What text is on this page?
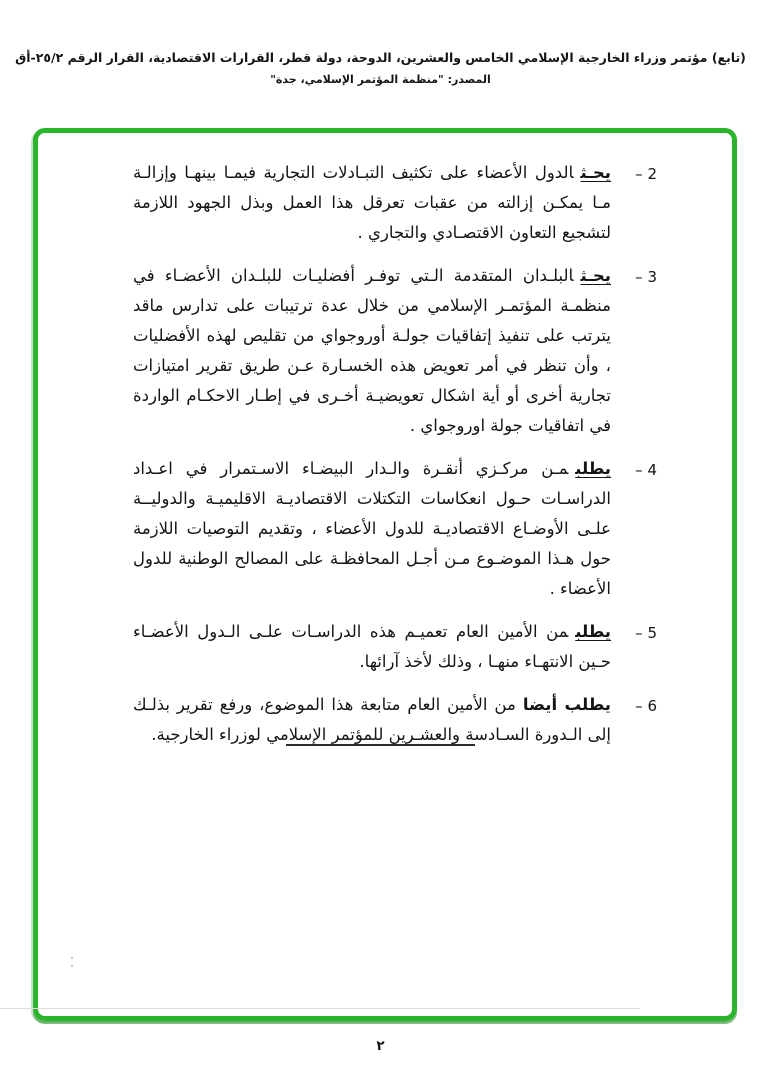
(تابع) مؤتمر وزراء الخارجية الإسلامي الخامس والعشرين، الدوحة، دولة قطر، القرارات الاقتصادية، القرار الرقم ٢٥/٢-أق
المصدر: "منظمة المؤتمر الإسلامي، جدة"
2 –
يحـثالدول الأعضاء على تكثيف التبـادلات التجارية فيمـا بينهـا وإزالـة مـا يمكـن إزالته من عقبات تعرقل هذا العمل وبذل الجهود اللازمة لتشجيع التعاون الاقتصـادي والتجاري .
3 –
يحـثالبلـدان المتقدمة الـتي توفـر أفضليـات للبلـدان الأعضـاء في منظمـة المؤتمـر الإسلامي من خلال عدة ترتيبات على تدارس ماقد يترتب على تنفيذ إتفاقيات جولـة أوروجواي من تقليص لهذه الأفضليات ، وأن تنظر في أمر تعويض هذه الخسـارة عـن طريق تقرير امتيازات تجارية أخرى أو أية اشكال تعويضيـة أخـرى في إطـار الاحكـام الواردة في اتفاقيات جولة اوروجواي .
4 –
يطلبمـن مركـزي أنقـرة والـدار البيضـاء الاسـتمرار في اعـداد الدراسـات حـول انعكاسات التكتلات الاقتصاديـة الاقليميـة والدوليــة علـى الأوضـاع الاقتصاديـة للدول الأعضاء ، وتقديم التوصيات اللازمة حول هـذا الموضـوع مـن أجـل المحافظـة على المصالح الوطنية للدول الأعضاء .
5 –
يطلبمن الأمين العام تعميـم هذه الدراسـات علـى الـدول الأعضـاء حـين الانتهـاء منهـا ، وذلك لأخذ آرائها.
6 –
يطلب أيضامن الأمين العام متابعة هذا الموضوع، ورفع تقرير بذلـك إلى الـدورة السـادسة والعشـرين للمؤتمر الإسلامي لوزراء الخارجية.
٢
